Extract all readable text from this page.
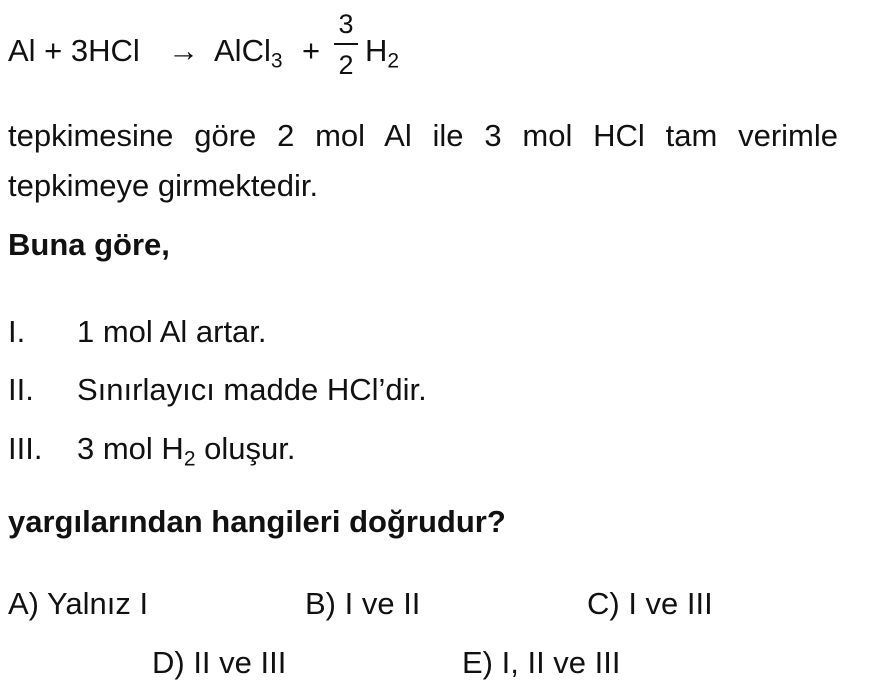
Al + 3HCl → AlCl$_3$ +
3
2 $H_2$
tepkimesine göre 2 mol Al ile 3 mol HCl tam verimle
tepkimeye girmektedir.
Buna göre,
I. 1 mol Al artar.
II. Sınırlayıcı madde HCl’dir.
III. 3 mol $H_2$ oluşur.
yargılarından hangileri doğrudur?
A) Yalnız I	B) I ve II	C) I ve III
D) II ve III	E) I, II ve III
